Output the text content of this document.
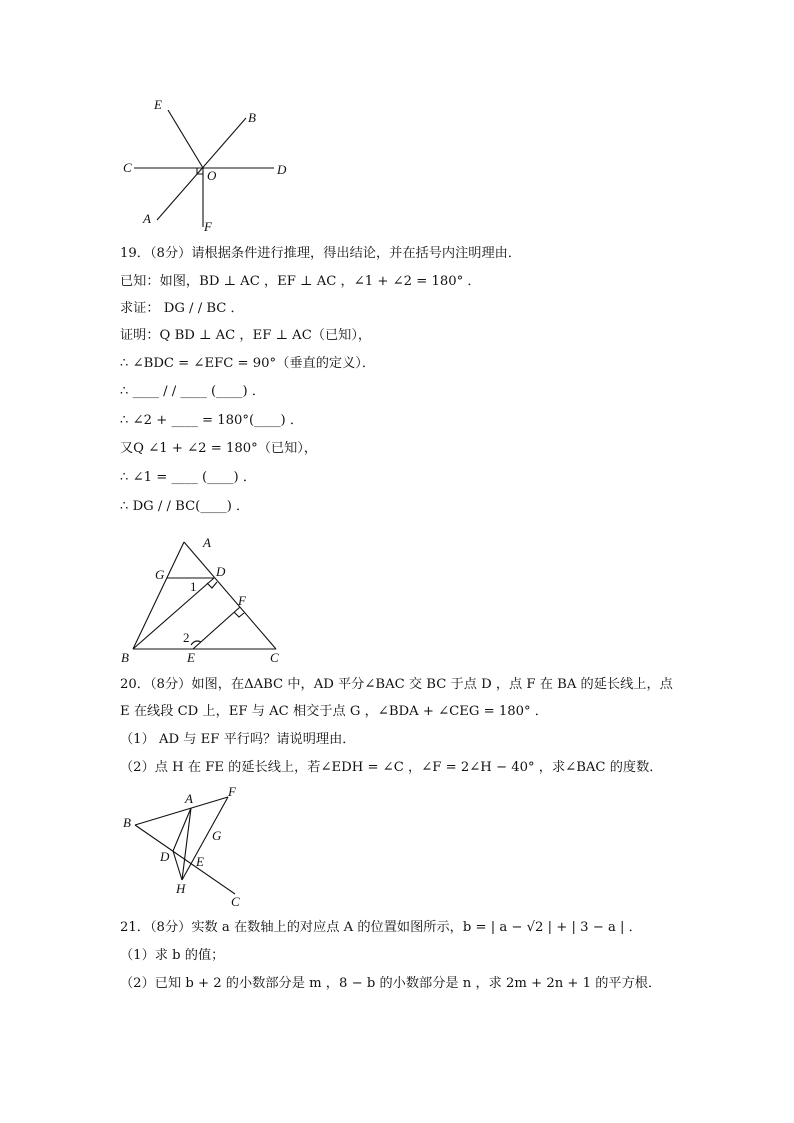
E
B
C
O	D
A
F
19．（8分）请根据条件进行推理，得出结论，并在括号内注明理由．
已知：如图，BD ⊥ AC ，EF ⊥ AC ，∠1 + ∠2 = 180° ．
求证： DG / / BC ．
证明：Q BD ⊥ AC ，EF ⊥ AC（已知），
∴ ∠BDC = ∠EFC = 90°（垂直的定义）．
∴ ____ / / ____ (____) ．
∴ ∠2 + ____ = 180°(____) ．
又Q ∠1 + ∠2 = 180°（已知），
∴ ∠1 = ____ (____) ．
∴ DG / / BC(____) ．
A
G	D
1
F
2
B	E	C
20．（8分）如图，在ΔABC 中，AD 平分∠BAC 交 BC 于点 D ，点 F 在 BA 的延长线上，点
E 在线段 CD 上，EF 与 AC 相交于点 G ，∠BDA + ∠CEG = 180° ．
（1） AD 与 EF 平行吗？请说明理由．
（2）点 H 在 FE 的延长线上，若∠EDH = ∠C ，∠F = 2∠H − 40° ，求∠BAC 的度数．
A	F
B
G
D E
H
C
21．（8分）实数 a 在数轴上的对应点 A 的位置如图所示，b = | a − √2 | + | 3 − a | ．
（1）求 b 的值；
（2）已知 b + 2 的小数部分是 m ，8 − b 的小数部分是 n ，求 2m + 2n + 1 的平方根．
